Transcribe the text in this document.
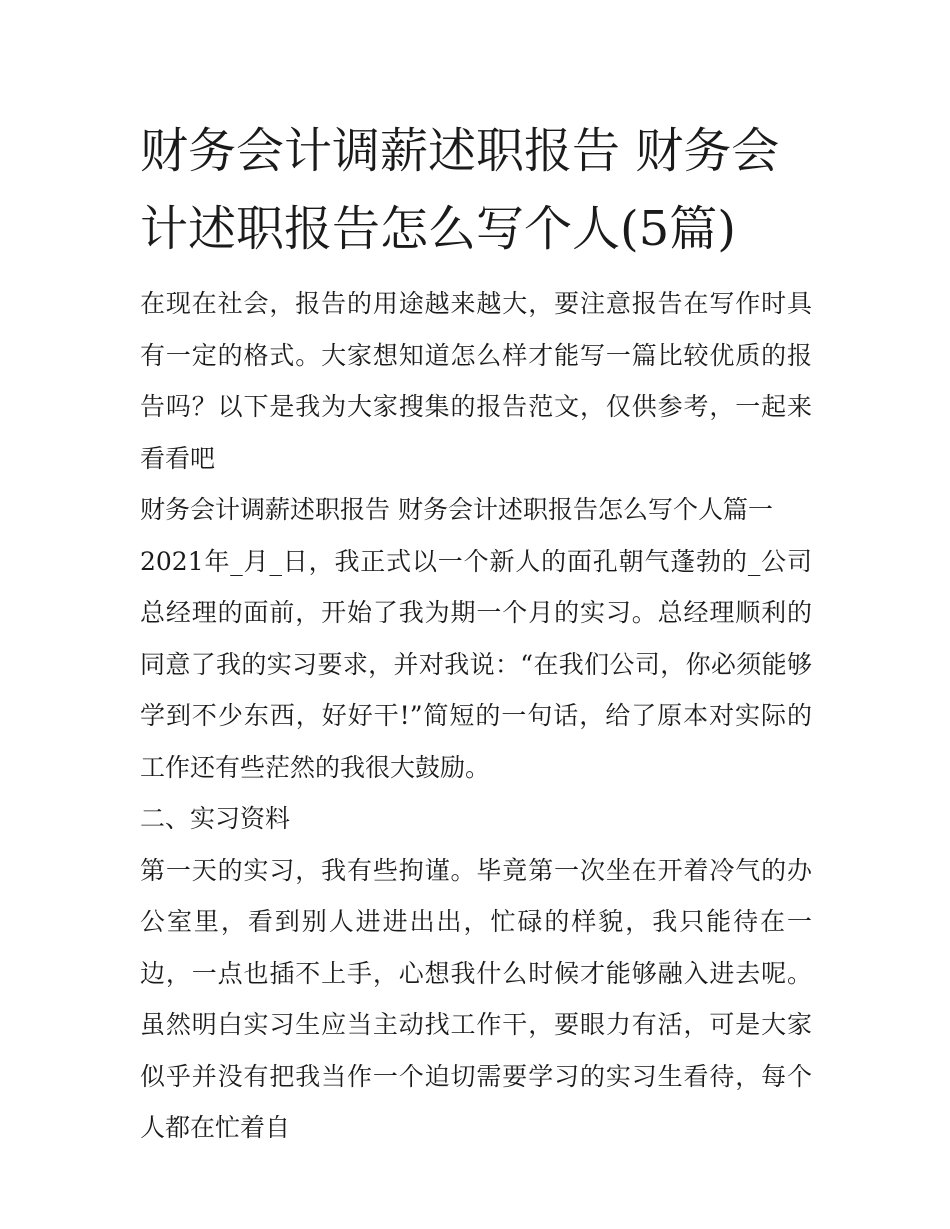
财务会计调薪述职报告 财务会计述职报告怎么写个人(5篇)

在现在社会，报告的用途越来越大，要注意报告在写作时具有一定的格式。大家想知道怎么样才能写一篇比较优质的报告吗？以下是我为大家搜集的报告范文，仅供参考，一起来看看吧

财务会计调薪述职报告 财务会计述职报告怎么写个人篇一

2021年_月_日，我正式以一个新人的面孔朝气蓬勃的_公司总经理的面前，开始了我为期一个月的实习。总经理顺利的同意了我的实习要求，并对我说：“在我们公司，你必须能够学到不少东西，好好干!”简短的一句话，给了原本对实际的工作还有些茫然的我很大鼓励。

二、实习资料

第一天的实习，我有些拘谨。毕竟第一次坐在开着冷气的办公室里，看到别人进进出出，忙碌的样貌，我只能待在一边，一点也插不上手，心想我什么时候才能够融入进去呢。虽然明白实习生应当主动找工作干，要眼力有活，可是大家似乎并没有把我当作一个迫切需要学习的实习生看待，每个人都在忙着自
